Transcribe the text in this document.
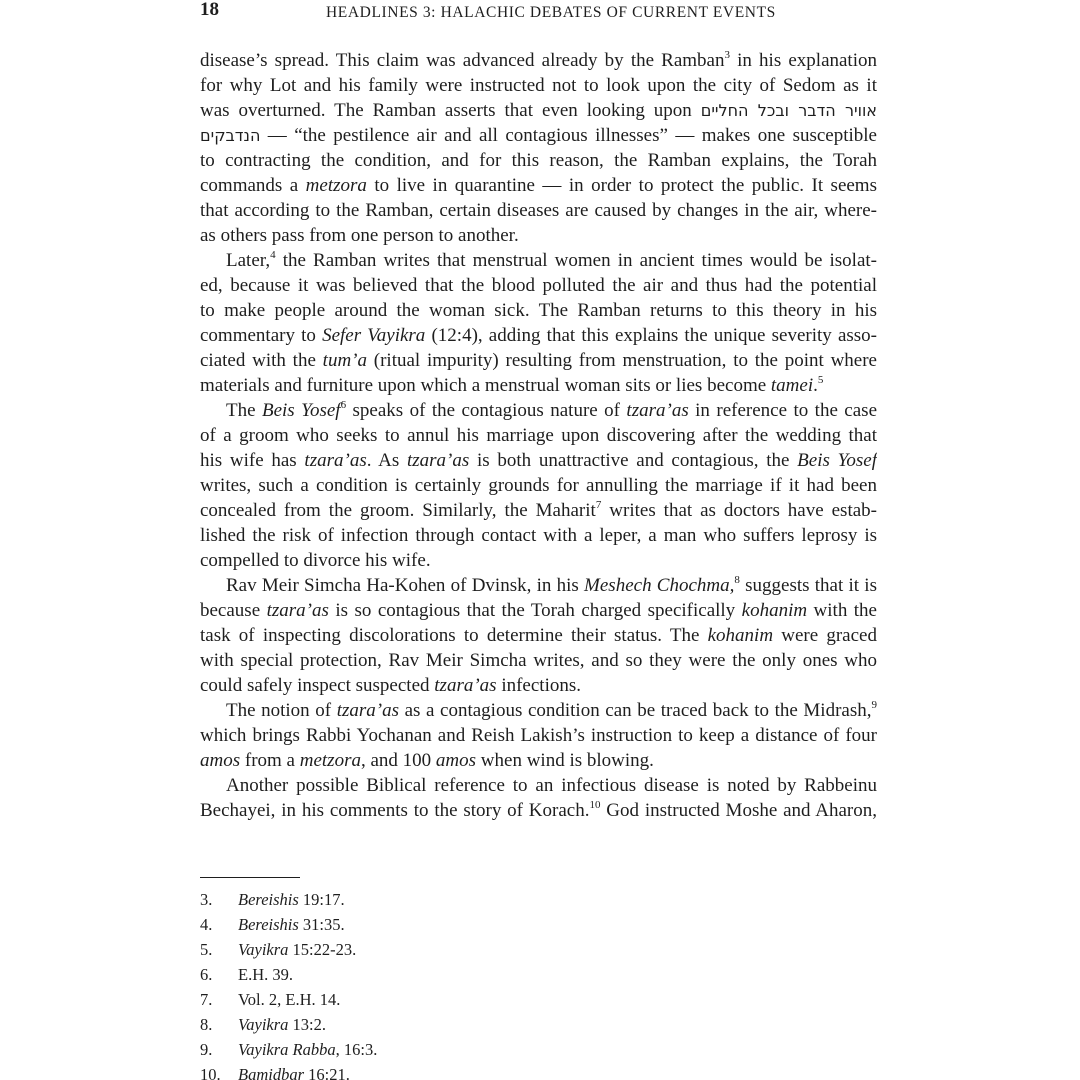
18	HEADLINES 3: HALACHIC DEBATES OF CURRENT EVENTS
disease’s spread. This claim was advanced already by the Ramban$^3$ in his explanation
for why Lot and his family were instructed not to look upon the city of Sedom as it
was overturned. The Ramban asserts that even looking upon אוויר הדבר ובכל החליים
הנדבקים — “the pestilence air and all contagious illnesses” — makes one susceptible
to contracting the condition, and for this reason, the Ramban explains, the Torah
commands a metzora to live in quarantine — in order to protect the public. It seems
that according to the Ramban, certain diseases are caused by changes in the air, where-
as others pass from one person to another.
Later,$^4$ the Ramban writes that menstrual women in ancient times would be isolat-
ed, because it was believed that the blood polluted the air and thus had the potential
to make people around the woman sick. The Ramban returns to this theory in his
commentary to Sefer Vayikra (12:4), adding that this explains the unique severity asso-
ciated with the tum’a (ritual impurity) resulting from menstruation, to the point where
materials and furniture upon which a menstrual woman sits or lies become tamei.$^5$
The Beis Yosef$^6$ speaks of the contagious nature of tzara’as in reference to the case
of a groom who seeks to annul his marriage upon discovering after the wedding that
his wife has tzara’as. As tzara’as is both unattractive and contagious, the Beis Yosef
writes, such a condition is certainly grounds for annulling the marriage if it had been
concealed from the groom. Similarly, the Maharit$^7$ writes that as doctors have estab-
lished the risk of infection through contact with a leper, a man who suffers leprosy is
compelled to divorce his wife.
Rav Meir Simcha Ha-Kohen of Dvinsk, in his Meshech Chochma,$^8$ suggests that it is
because tzara’as is so contagious that the Torah charged specifically kohanim with the
task of inspecting discolorations to determine their status. The kohanim were graced
with special protection, Rav Meir Simcha writes, and so they were the only ones who
could safely inspect suspected tzara’as infections.
The notion of tzara’as as a contagious condition can be traced back to the Midrash,$^9$
which brings Rabbi Yochanan and Reish Lakish’s instruction to keep a distance of four
amos from a metzora, and 100 amos when wind is blowing.
Another possible Biblical reference to an infectious disease is noted by Rabbeinu
Bechayei, in his comments to the story of Korach.$^{10}$ God instructed Moshe and Aharon,
3. Bereishis 19:17.
4. Bereishis 31:35.
5. Vayikra 15:22-23.
6. E.H. 39.
7. Vol. 2, E.H. 14.
8. Vayikra 13:2.
9. Vayikra Rabba, 16:3.
10. Bamidbar 16:21.
